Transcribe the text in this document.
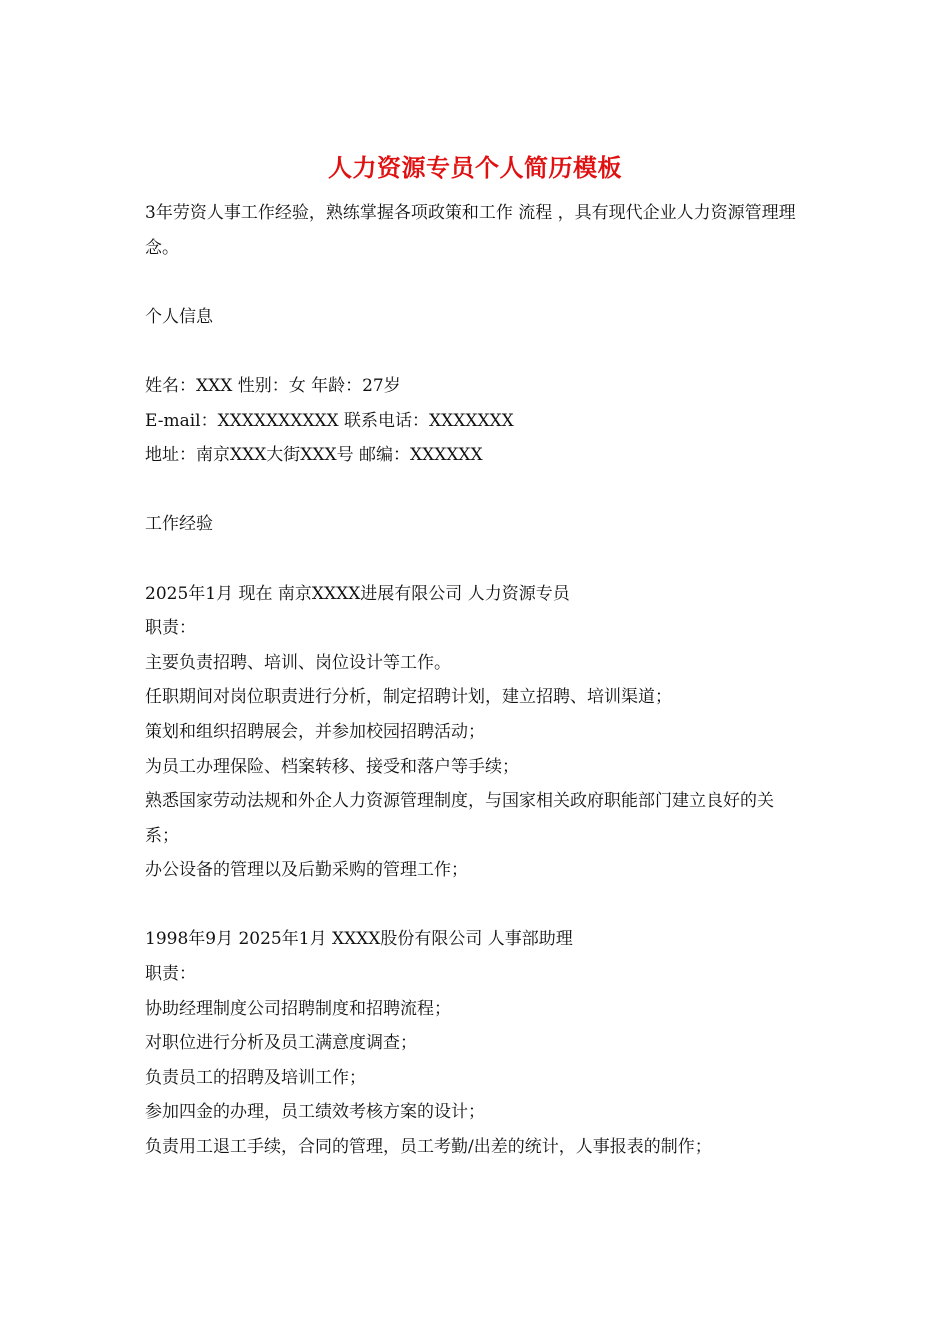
人力资源专员个人简历模板

3年劳资人事工作经验，熟练掌握各项政策和工作 流程 ，具有现代企业人力资源管理理念。

个人信息

姓名：XXX 性别：女 年龄：27岁

E-mail：XXXXXXXXXX 联系电话：XXXXXXX

地址：南京XXX大街XXX号 邮编：XXXXXX

工作经验

2025年1月 现在 南京XXXX进展有限公司 人力资源专员

职责：

主要负责招聘、培训、岗位设计等工作。

任职期间对岗位职责进行分析，制定招聘计划，建立招聘、培训渠道；

策划和组织招聘展会，并参加校园招聘活动；

为员工办理保险、档案转移、接受和落户等手续；

熟悉国家劳动法规和外企人力资源管理制度，与国家相关政府职能部门建立良好的关系；

办公设备的管理以及后勤采购的管理工作；

1998年9月 2025年1月 XXXX股份有限公司 人事部助理

职责：

协助经理制度公司招聘制度和招聘流程；

对职位进行分析及员工满意度调查；

负责员工的招聘及培训工作；

参加四金的办理，员工绩效考核方案的设计；

负责用工退工手续，合同的管理，员工考勤/出差的统计，人事报表的制作；
